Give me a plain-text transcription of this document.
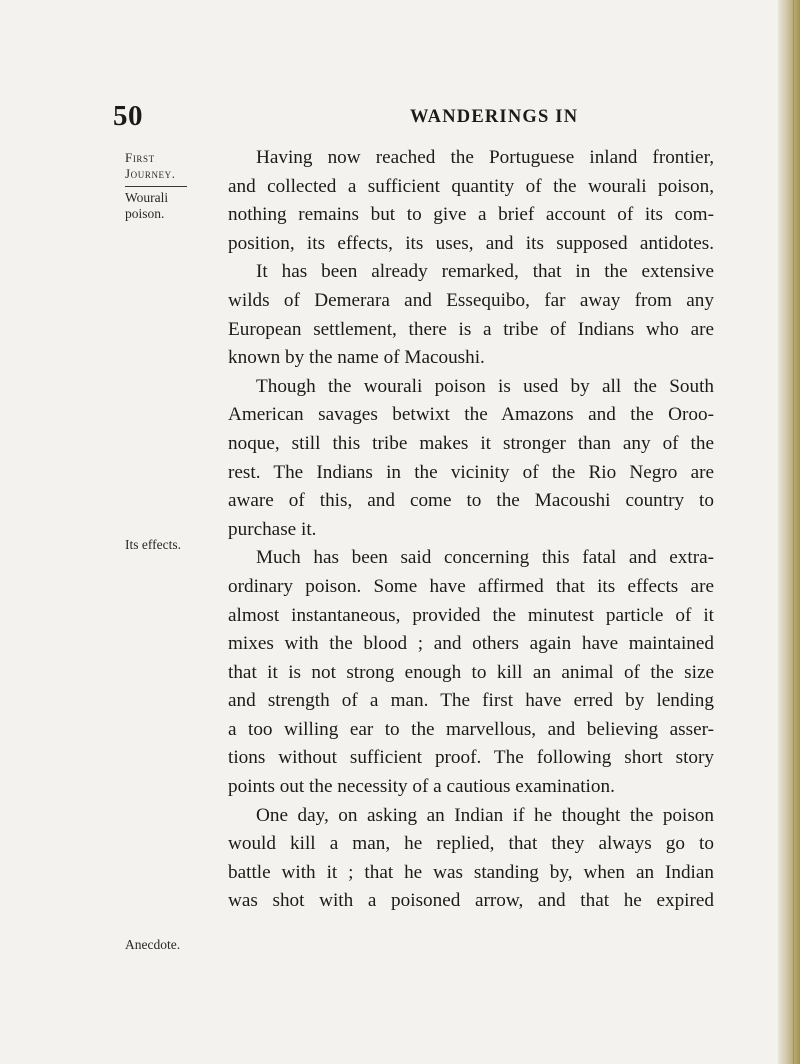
50	WANDERINGS IN
First
Journey.
Wourali
poison.
Its effects.
Anecdote.

Having now reached the Portuguese inland frontier,
and collected a sufficient quantity of the wourali poison,
nothing remains but to give a brief account of its com-
position, its effects, its uses, and its supposed antidotes.

It has been already remarked, that in the extensive
wilds of Demerara and Essequibo, far away from any
European settlement, there is a tribe of Indians who are
known by the name of Macoushi.

Though the wourali poison is used by all the South
American savages betwixt the Amazons and the Oroo-
noque, still this tribe makes it stronger than any of the
rest. The Indians in the vicinity of the Rio Negro are
aware of this, and come to the Macoushi country to
purchase it.

Much has been said concerning this fatal and extra-
ordinary poison. Some have affirmed that its effects are
almost instantaneous, provided the minutest particle of it
mixes with the blood ; and others again have maintained
that it is not strong enough to kill an animal of the size
and strength of a man. The first have erred by lending
a too willing ear to the marvellous, and believing asser-
tions without sufficient proof. The following short story
points out the necessity of a cautious examination.

One day, on asking an Indian if he thought the poison
would kill a man, he replied, that they always go to
battle with it ; that he was standing by, when an Indian
was shot with a poisoned arrow, and that he expired
